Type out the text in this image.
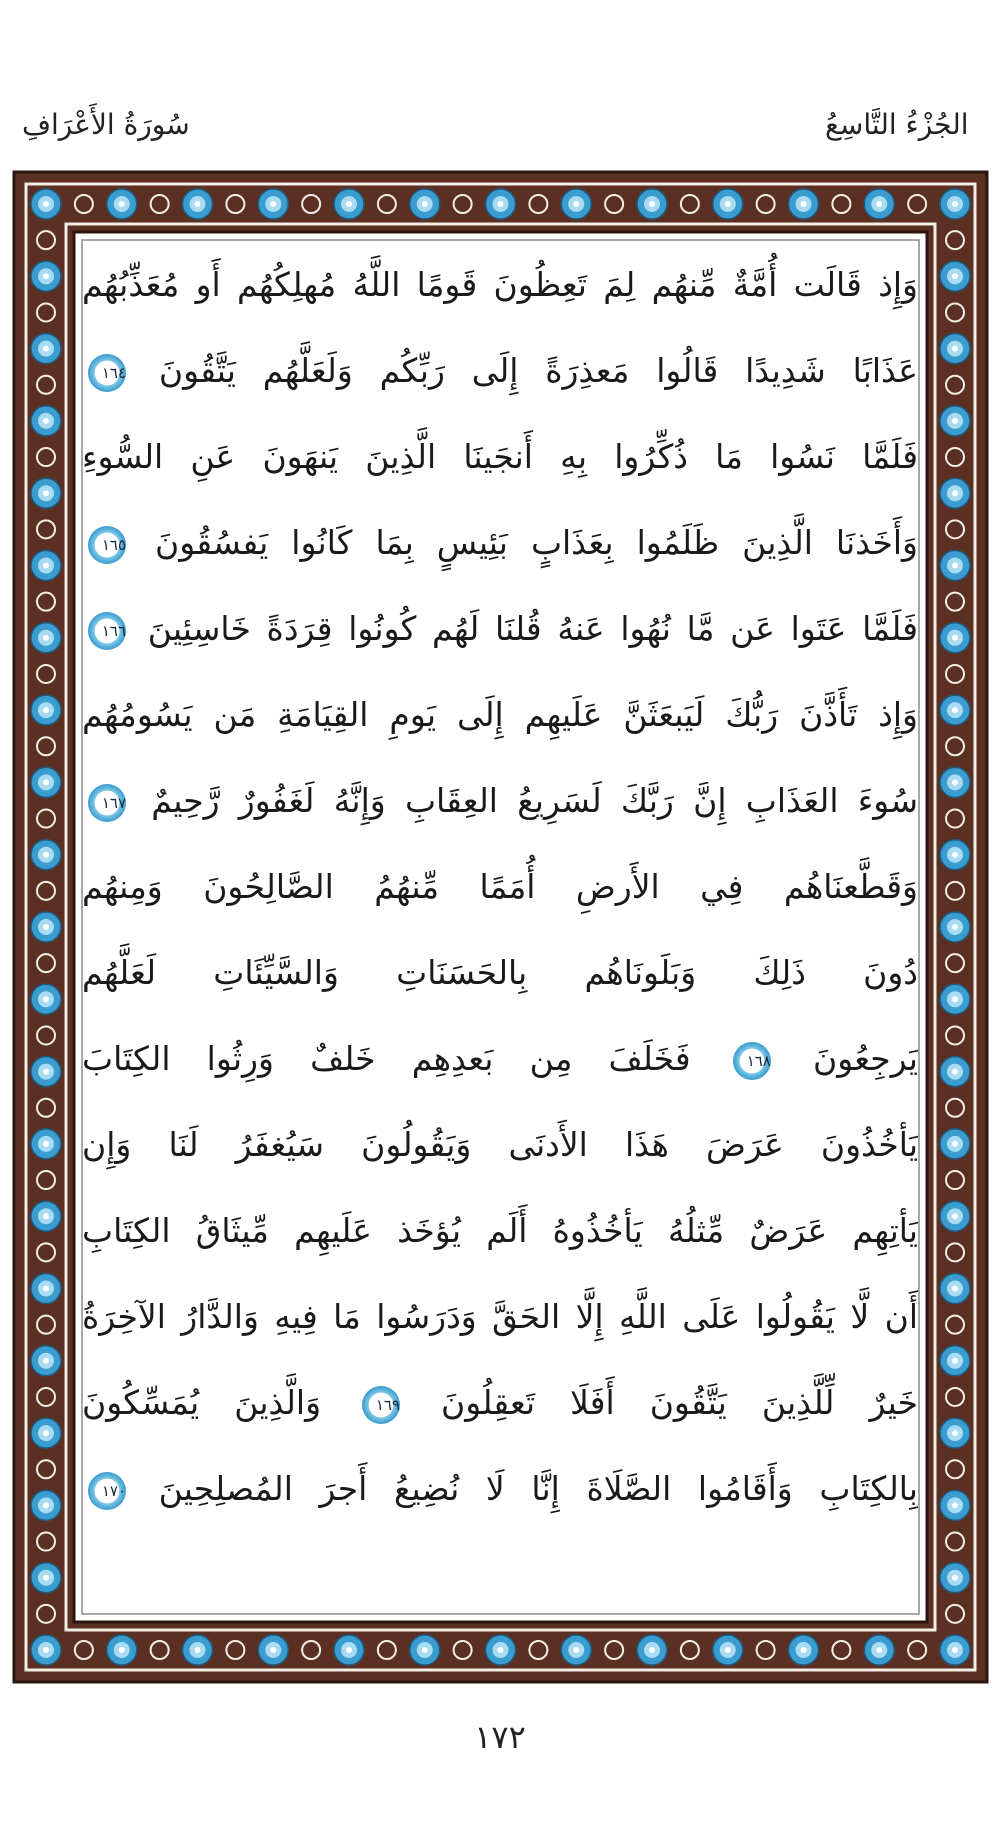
الجُزْءُ التَّاسِعُ
سُورَةُ الأَعْرَافِ
وَإِذ قَالَت أُمَّةٌ مِّنهُم لِمَ تَعِظُونَ قَومًا اللَّهُ مُهلِكُهُم أَو مُعَذِّبُهُم
عَذَابًا شَدِيدًا قَالُوا مَعذِرَةً إِلَى رَبِّكُم وَلَعَلَّهُم يَتَّقُونَ ١٦٤
فَلَمَّا نَسُوا مَا ذُكِّرُوا بِهِ أَنجَينَا الَّذِينَ يَنهَونَ عَنِ السُّوءِ
وَأَخَذنَا الَّذِينَ ظَلَمُوا بِعَذَابٍ بَئِيسٍ بِمَا كَانُوا يَفسُقُونَ ١٦٥
فَلَمَّا عَتَوا عَن مَّا نُهُوا عَنهُ قُلنَا لَهُم كُونُوا قِرَدَةً خَاسِئِينَ ١٦٦
وَإِذ تَأَذَّنَ رَبُّكَ لَيَبعَثَنَّ عَلَيهِم إِلَى يَومِ القِيَامَةِ مَن يَسُومُهُم
سُوءَ العَذَابِ إِنَّ رَبَّكَ لَسَرِيعُ العِقَابِ وَإِنَّهُ لَغَفُورٌ رَّحِيمٌ ١٦٧
وَقَطَّعنَاهُم فِي الأَرضِ أُمَمًا مِّنهُمُ الصَّالِحُونَ وَمِنهُم
دُونَ ذَلِكَ وَبَلَونَاهُم بِالحَسَنَاتِ وَالسَّيِّئَاتِ لَعَلَّهُم
يَرجِعُونَ ١٦٨ فَخَلَفَ مِن بَعدِهِم خَلفٌ وَرِثُوا الكِتَابَ
يَأخُذُونَ عَرَضَ هَذَا الأَدنَى وَيَقُولُونَ سَيُغفَرُ لَنَا وَإِن
يَأتِهِم عَرَضٌ مِّثلُهُ يَأخُذُوهُ أَلَم يُؤخَذ عَلَيهِم مِّيثَاقُ الكِتَابِ
أَن لَّا يَقُولُوا عَلَى اللَّهِ إِلَّا الحَقَّ وَدَرَسُوا مَا فِيهِ وَالدَّارُ الآخِرَةُ
خَيرٌ لِّلَّذِينَ يَتَّقُونَ أَفَلَا تَعقِلُونَ ١٦٩ وَالَّذِينَ يُمَسِّكُونَ
بِالكِتَابِ وَأَقَامُوا الصَّلَاةَ إِنَّا لَا نُضِيعُ أَجرَ المُصلِحِينَ ١٧٠
١٧٢
